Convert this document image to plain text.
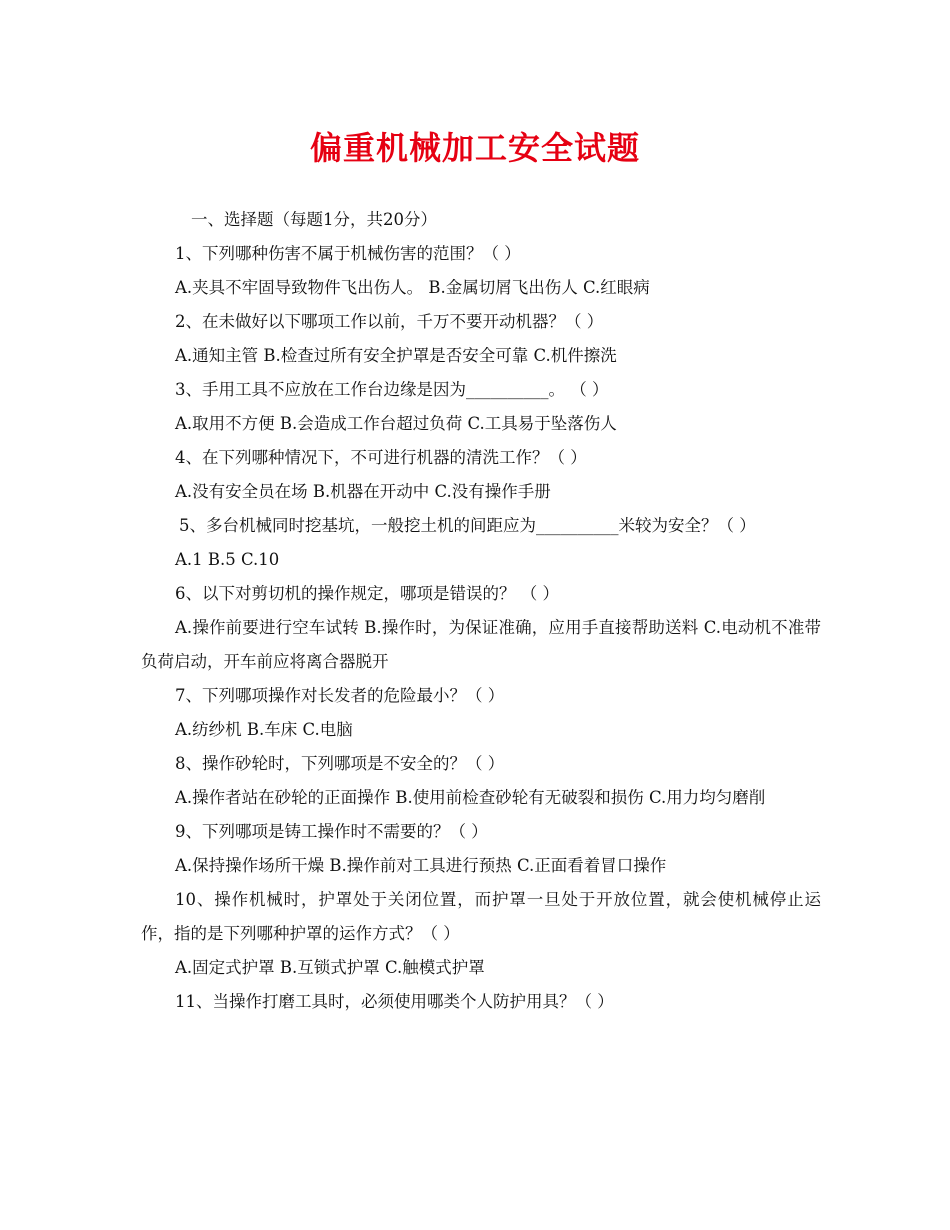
偏重机械加工安全试题
一、选择题（每题1分，共20分）
1、下列哪种伤害不属于机械伤害的范围？（ ）
A.夹具不牢固导致物件飞出伤人。 B.金属切屑飞出伤人 C.红眼病
2、在未做好以下哪项工作以前，千万不要开动机器？（ ）
A.通知主管 B.检查过所有安全护罩是否安全可靠 C.机件擦洗
3、手用工具不应放在工作台边缘是因为__________。 （ ）
A.取用不方便 B.会造成工作台超过负荷 C.工具易于坠落伤人
4、在下列哪种情况下，不可进行机器的清洗工作？（ ）
A.没有安全员在场 B.机器在开动中 C.没有操作手册
5、多台机械同时挖基坑，一般挖土机的间距应为__________米较为安全？（ ）
A.1 B.5 C.10
6、以下对剪切机的操作规定，哪项是错误的？ （ ）
A.操作前要进行空车试转 B.操作时，为保证准确，应用手直接帮助送料 C.电动机不准带负荷启动，开车前应将离合器脱开
7、下列哪项操作对长发者的危险最小？（ ）
A.纺纱机 B.车床 C.电脑
8、操作砂轮时，下列哪项是不安全的？（ ）
A.操作者站在砂轮的正面操作 B.使用前检查砂轮有无破裂和损伤 C.用力均匀磨削
9、下列哪项是铸工操作时不需要的？（ ）
A.保持操作场所干燥 B.操作前对工具进行预热 C.正面看着冒口操作
10、操作机械时，护罩处于关闭位置，而护罩一旦处于开放位置，就会使机械停止运作，指的是下列哪种护罩的运作方式？（ ）
A.固定式护罩 B.互锁式护罩 C.触模式护罩
11、当操作打磨工具时，必须使用哪类个人防护用具？（ ）
